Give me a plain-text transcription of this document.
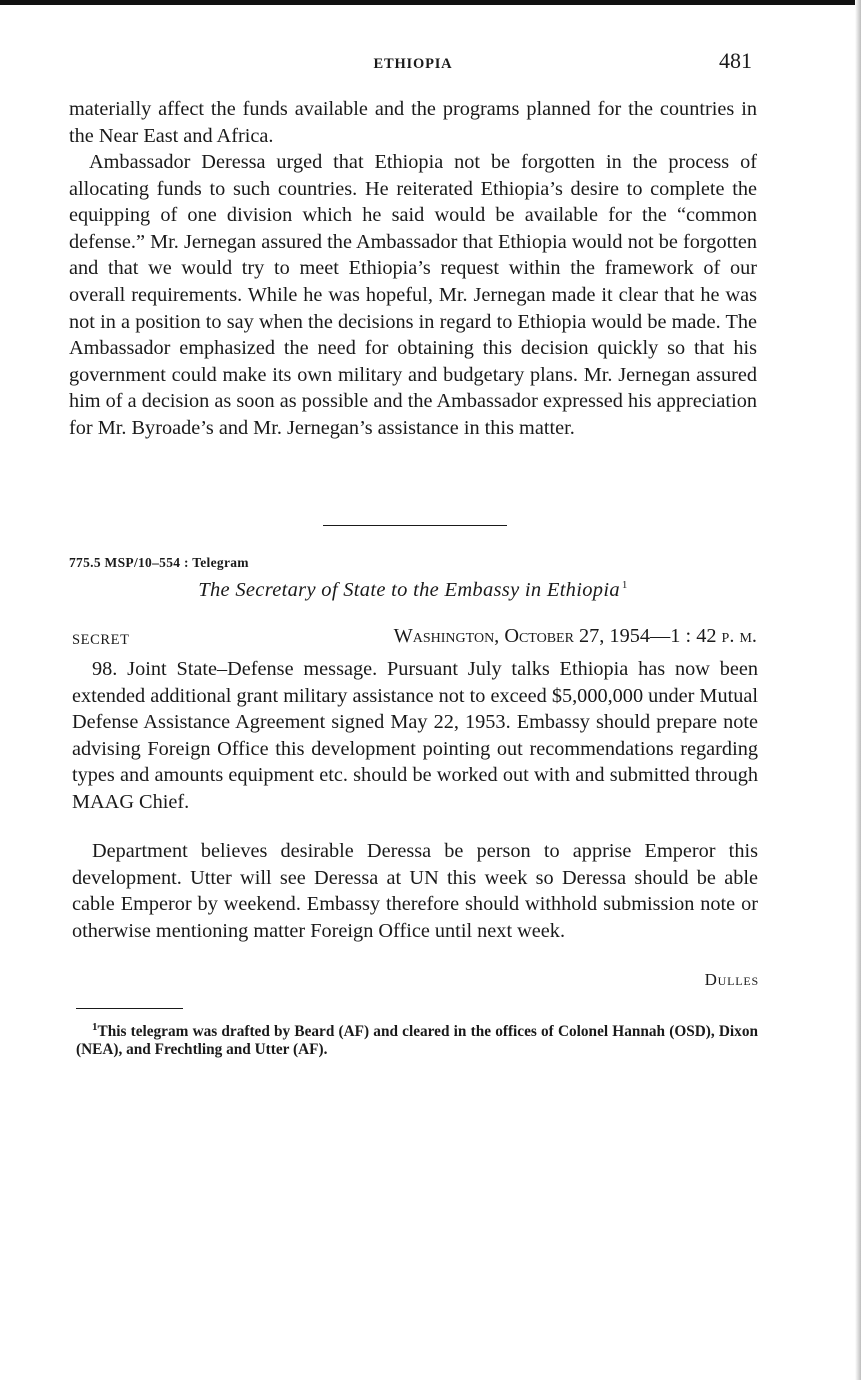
ETHIOPIA	481

materially affect the funds available and the programs planned for the countries in the Near East and Africa.

Ambassador Deressa urged that Ethiopia not be forgotten in the process of allocating funds to such countries. He reiterated Ethiopia’s desire to complete the equipping of one division which he said would be available for the “common defense.” Mr. Jernegan assured the Ambassador that Ethiopia would not be forgotten and that we would try to meet Ethiopia’s request within the framework of our overall requirements. While he was hopeful, Mr. Jernegan made it clear that he was not in a position to say when the decisions in regard to Ethiopia would be made. The Ambassador emphasized the need for obtaining this decision quickly so that his government could make its own military and budgetary plans. Mr. Jernegan assured him of a decision as soon as possible and the Ambassador expressed his appreciation for Mr. Byroade’s and Mr. Jernegan’s assistance in this matter.

775.5 MSP/10–554 : Telegram
The Secretary of State to the Embassy in Ethiopia $^1$
SECRET	Washington, October 27, 1954—1 : 42 p. m.

98. Joint State–Defense message. Pursuant July talks Ethiopia has now been extended additional grant military assistance not to exceed $5,000,000 under Mutual Defense Assistance Agreement signed May 22, 1953. Embassy should prepare note advising Foreign Office this development pointing out recommendations regarding types and amounts equipment etc. should be worked out with and submitted through MAAG Chief.

Department believes desirable Deressa be person to apprise Emperor this development. Utter will see Deressa at UN this week so Deressa should be able cable Emperor by weekend. Embassy therefore should withhold submission note or otherwise mentioning matter Foreign Office until next week.

Dulles

$^1$This telegram was drafted by Beard (AF) and cleared in the offices of Colonel Hannah (OSD), Dixon (NEA), and Frechtling and Utter (AF).
